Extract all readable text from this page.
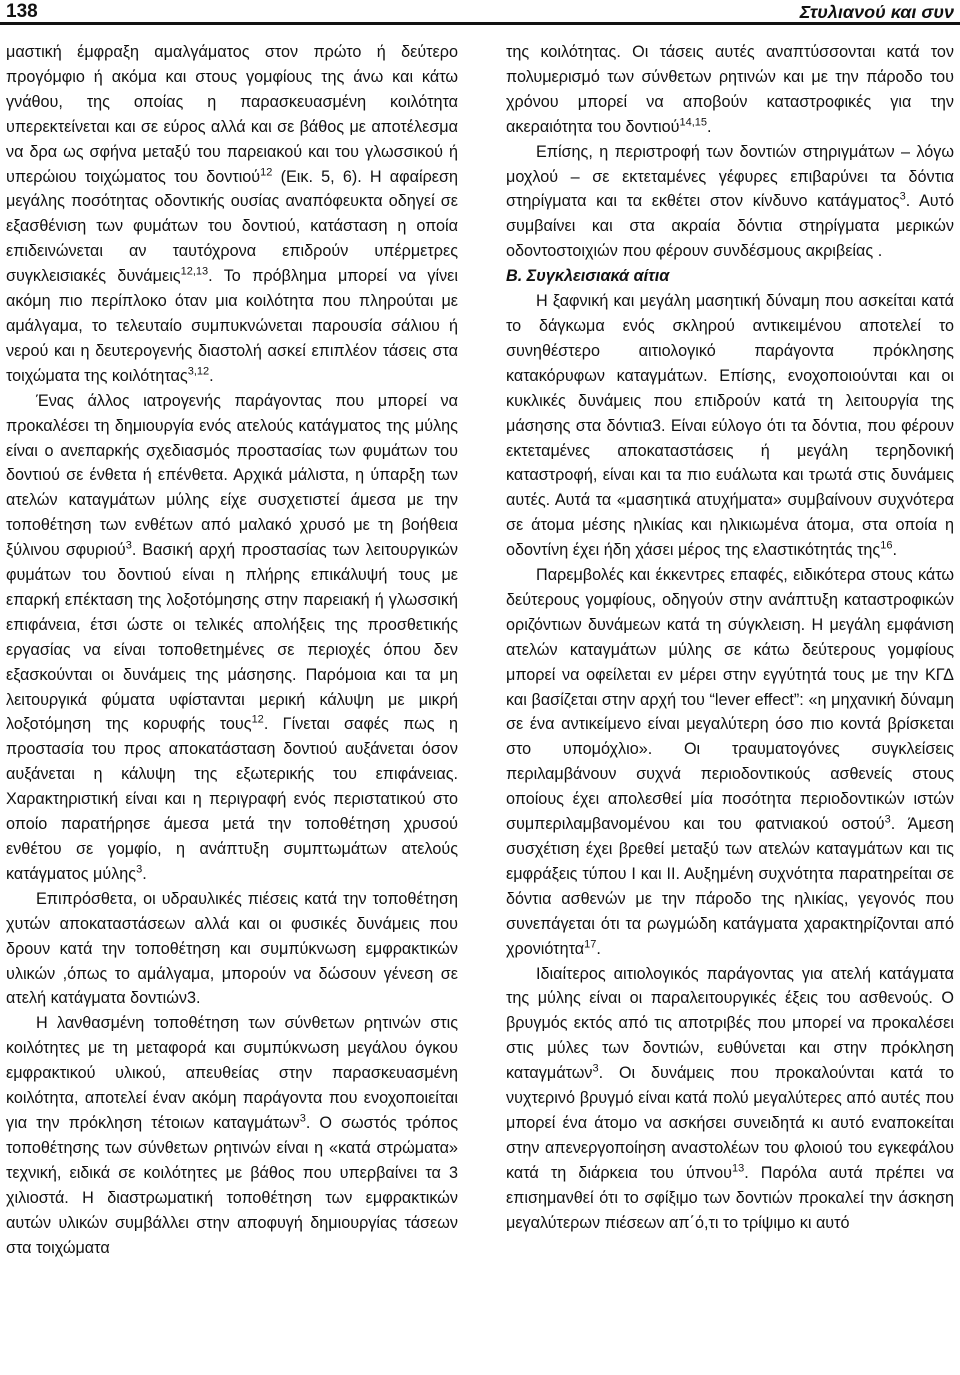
138	Στυλιανού και συν

μαστική έμφραξη αμαλγάματος στον πρώτο ή δεύτερο προγόμφιο ή ακόμα και στους γομφίους της άνω και κάτω γνάθου, της οποίας η παρασκευασμένη κοιλότητα υπερεκτείνεται και σε εύρος αλλά και σε βάθος με αποτέλεσμα να δρα ως σφήνα μεταξύ του παρειακού και του γλωσσικού ή υπερώιου τοιχώματος του δοντιού$^{12}$ (Εικ. 5, 6). Η αφαίρεση μεγάλης ποσότητας οδοντικής ουσίας αναπόφευκτα οδηγεί σε εξασθένιση των φυμάτων του δοντιού, κατάσταση η οποία επιδεινώνεται αν ταυτόχρονα επιδρούν υπέρμετρες συγκλεισιακές δυνάμεις$^{12,13}$. Το πρόβλημα μπορεί να γίνει ακόμη πιο περίπλοκο όταν μια κοιλότητα που πληρούται με αμάλγαμα, το τελευταίο συμπυκνώνεται παρουσία σάλιου ή νερού και η δευτερογενής διαστολή ασκεί επιπλέον τάσεις στα τοιχώματα της κοιλότητας$^{3,12}$.

Ένας άλλος ιατρογενής παράγοντας που μπορεί να προκαλέσει τη δημιουργία ενός ατελούς κατάγματος της μύλης είναι ο ανεπαρκής σχεδιασμός προστασίας των φυμάτων του δοντιού σε ένθετα ή επένθετα. Αρχικά μάλιστα, η ύπαρξη των ατελών καταγμάτων μύλης είχε συσχετιστεί άμεσα με την τοποθέτηση των ενθέτων από μαλακό χρυσό με τη βοήθεια ξύλινου σφυριού$^3$. Βασική αρχή προστασίας των λειτουργικών φυμάτων του δοντιού είναι η πλήρης επικάλυψή τους με επαρκή επέκταση της λοξοτόμησης στην παρειακή ή γλωσσική επιφάνεια, έτσι ώστε οι τελικές απολήξεις της προσθετικής εργασίας να είναι τοποθετημένες σε περιοχές όπου δεν εξασκούνται οι δυνάμεις της μάσησης. Παρόμοια και τα μη λειτουργικά φύματα υφίστανται μερική κάλυψη με μικρή λοξοτόμηση της κορυφής τους$^{12}$. Γίνεται σαφές πως η προστασία του προς αποκατάσταση δοντιού αυξάνεται όσον αυξάνεται η κάλυψη της εξωτερικής του επιφάνειας. Χαρακτηριστική είναι και η περιγραφή ενός περιστατικού στο οποίο παρατήρησε άμεσα μετά την τοποθέτηση χρυσού ενθέτου σε γομφίο, η ανάπτυξη συμπτωμάτων ατελούς κατάγματος μύλης$^3$.

Επιπρόσθετα, οι υδραυλικές πιέσεις κατά την τοποθέτηση χυτών αποκαταστάσεων αλλά και οι φυσικές δυνάμεις που δρουν κατά την τοποθέτηση και συμπύκνωση εμφρακτικών υλικών ,όπως το αμάλγαμα, μπορούν να δώσουν γένεση σε ατελή κατάγματα δοντιών3.

Η λανθασμένη τοποθέτηση των σύνθετων ρητινών στις κοιλότητες με τη μεταφορά και συμπύκνωση μεγάλου όγκου εμφρακτικού υλικού, απευθείας στην παρασκευασμένη κοιλότητα, αποτελεί έναν ακόμη παράγοντα που ενοχοποιείται για την πρόκληση τέτοιων καταγμάτων$^3$. Ο σωστός τρόπος τοποθέτησης των σύνθετων ρητινών είναι η «κατά στρώματα» τεχνική, ειδικά σε κοιλότητες με βάθος που υπερβαίνει τα 3 χιλιοστά. Η διαστρωματική τοποθέτηση των εμφρακτικών αυτών υλικών συμβάλλει στην αποφυγή δημιουργίας τάσεων στα τοιχώματα

της κοιλότητας. Οι τάσεις αυτές αναπτύσσονται κατά τον πολυμερισμό των σύνθετων ρητινών και με την πάροδο του χρόνου μπορεί να αποβούν καταστροφικές για την ακεραιότητα του δοντιού$^{14,15}$.

Επίσης, η περιστροφή των δοντιών στηριγμάτων – λόγω μοχλού – σε εκτεταμένες γέφυρες επιβαρύνει τα δόντια στηρίγματα και τα εκθέτει στον κίνδυνο κατάγματος$^3$. Αυτό συμβαίνει και στα ακραία δόντια στηρίγματα μερικών οδοντοστοιχιών που φέρουν συνδέσμους ακριβείας .

Β. Συγκλεισιακά αίτια

Η ξαφνική και μεγάλη μασητική δύναμη που ασκείται κατά το δάγκωμα ενός σκληρού αντικειμένου αποτελεί το συνηθέστερο αιτιολογικό παράγοντα πρόκλησης κατακόρυφων καταγμάτων. Επίσης, ενοχοποιούνται και οι κυκλικές δυνάμεις που επιδρούν κατά τη λειτουργία της μάσησης στα δόντια3. Είναι εύλογο ότι τα δόντια, που φέρουν εκτεταμένες αποκαταστάσεις ή μεγάλη τερηδονική καταστροφή, είναι και τα πιο ευάλωτα και τρωτά στις δυνάμεις αυτές. Αυτά τα «μασητικά ατυχήματα» συμβαίνουν συχνότερα σε άτομα μέσης ηλικίας και ηλικιωμένα άτομα, στα οποία η οδοντίνη έχει ήδη χάσει μέρος της ελαστικότητάς της$^{16}$.

Παρεμβολές και έκκεντρες επαφές, ειδικότερα στους κάτω δεύτερους γομφίους, οδηγούν στην ανάπτυξη καταστροφικών οριζόντιων δυνάμεων κατά τη σύγκλειση. Η μεγάλη εμφάνιση ατελών καταγμάτων μύλης σε κάτω δεύτερους γομφίους μπορεί να οφείλεται εν μέρει στην εγγύτητά τους με την ΚΓΔ και βασίζεται στην αρχή του “lever effect”: «η μηχανική δύναμη σε ένα αντικείμενο είναι μεγαλύτερη όσο πιο κοντά βρίσκεται στο υπομόχλιο». Οι τραυματογόνες συγκλείσεις περιλαμβάνουν συχνά περιοδοντικούς ασθενείς στους οποίους έχει απολεσθεί μία ποσότητα περιοδοντικών ιστών συμπεριλαμβανομένου και του φατνιακού οστού$^3$. Άμεση συσχέτιση έχει βρεθεί μεταξύ των ατελών καταγμάτων και τις εμφράξεις τύπου Ι και ΙΙ. Αυξημένη συχνότητα παρατηρείται σε δόντια ασθενών με την πάροδο της ηλικίας, γεγονός που συνεπάγεται ότι τα ρωγμώδη κατάγματα χαρακτηρίζονται από χρονιότητα$^{17}$.

Ιδιαίτερος αιτιολογικός παράγοντας για ατελή κατάγματα της μύλης είναι οι παραλειτουργικές έξεις του ασθενούς. Ο βρυγμός εκτός από τις αποτριβές που μπορεί να προκαλέσει στις μύλες των δοντιών, ευθύνεται και στην πρόκληση καταγμάτων$^3$. Οι δυνάμεις που προκαλούνται κατά το νυχτερινό βρυγμό είναι κατά πολύ μεγαλύτερες από αυτές που μπορεί ένα άτομο να ασκήσει συνειδητά κι αυτό εναποκείται στην απενεργοποίηση αναστολέων του φλοιού του εγκεφάλου κατά τη διάρκεια του ύπνου$^{13}$. Παρόλα αυτά πρέπει να επισημανθεί ότι το σφίξιμο των δοντιών προκαλεί την άσκηση μεγαλύτερων πιέσεων απ΄ό,τι το τρίψιμο κι αυτό
